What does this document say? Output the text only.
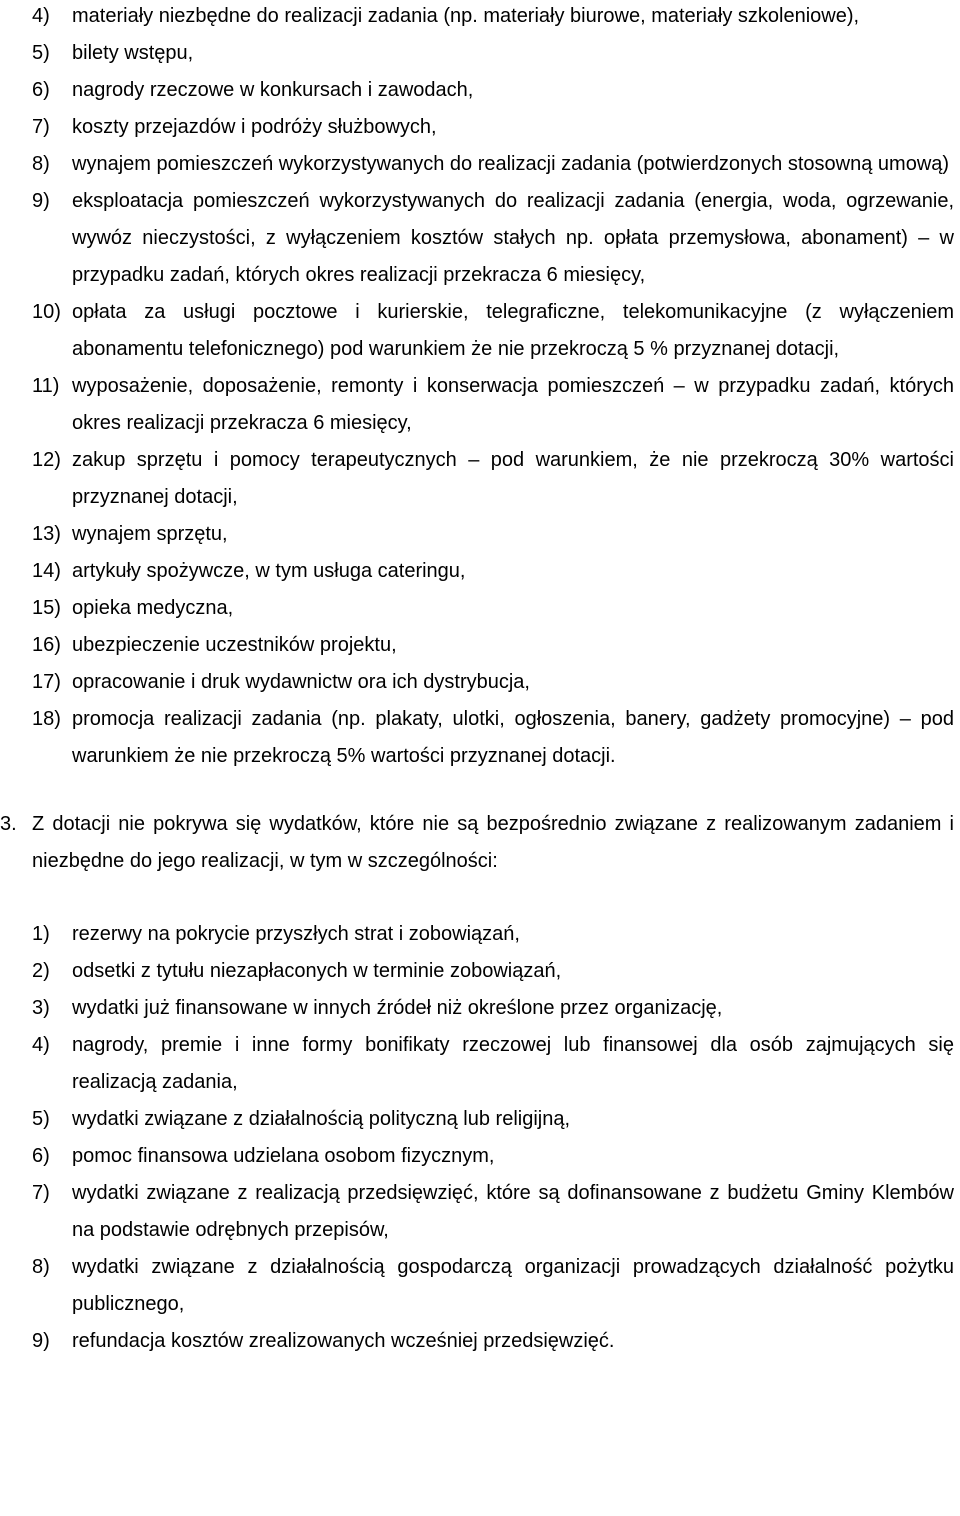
4)	materiały niezbędne do realizacji zadania (np. materiały biurowe, materiały szkoleniowe),
5)	bilety wstępu,
6)	nagrody rzeczowe w konkursach i zawodach,
7)	koszty przejazdów i podróży służbowych,
8)	wynajem pomieszczeń wykorzystywanych do realizacji zadania (potwierdzonych stosowną umową)
9)	eksploatacja pomieszczeń wykorzystywanych do realizacji zadania (energia, woda, ogrzewanie, wywóz nieczystości, z wyłączeniem kosztów stałych np. opłata przemysłowa, abonament) – w przypadku zadań, których okres realizacji przekracza 6 miesięcy,
10) opłata za usługi pocztowe i kurierskie, telegraficzne, telekomunikacyjne (z wyłączeniem abonamentu telefonicznego) pod warunkiem że nie przekroczą 5 % przyznanej dotacji,
11) wyposażenie, doposażenie, remonty i konserwacja pomieszczeń – w przypadku zadań, których okres realizacji przekracza 6 miesięcy,
12) zakup sprzętu i pomocy terapeutycznych – pod warunkiem, że nie przekroczą 30% wartości przyznanej dotacji,
13) wynajem sprzętu,
14) artykuły spożywcze, w tym usługa cateringu,
15) opieka medyczna,
16) ubezpieczenie uczestników projektu,
17) opracowanie i druk wydawnictw ora ich dystrybucja,
18) promocja realizacji zadania (np. plakaty, ulotki, ogłoszenia, banery, gadżety promocyjne) – pod warunkiem że nie przekroczą 5% wartości przyznanej dotacji.
3. Z dotacji nie pokrywa się wydatków, które nie są bezpośrednio związane z realizowanym zadaniem i niezbędne do jego realizacji, w tym w szczególności:
1)	rezerwy na pokrycie przyszłych strat i zobowiązań,
2)	odsetki z tytułu niezapłaconych w terminie zobowiązań,
3)	wydatki już finansowane w innych źródeł niż określone przez organizację,
4)	nagrody, premie i inne formy bonifikaty rzeczowej lub finansowej dla osób zajmujących się realizacją zadania,
5)	wydatki związane z działalnością polityczną lub religijną,
6)	pomoc finansowa udzielana osobom fizycznym,
7)	wydatki związane z realizacją przedsięwzięć, które są dofinansowane z budżetu Gminy Klembów na podstawie odrębnych przepisów,
8)	wydatki związane z działalnością gospodarczą organizacji prowadzących działalność pożytku publicznego,
9)	refundacja kosztów zrealizowanych wcześniej przedsięwzięć.
